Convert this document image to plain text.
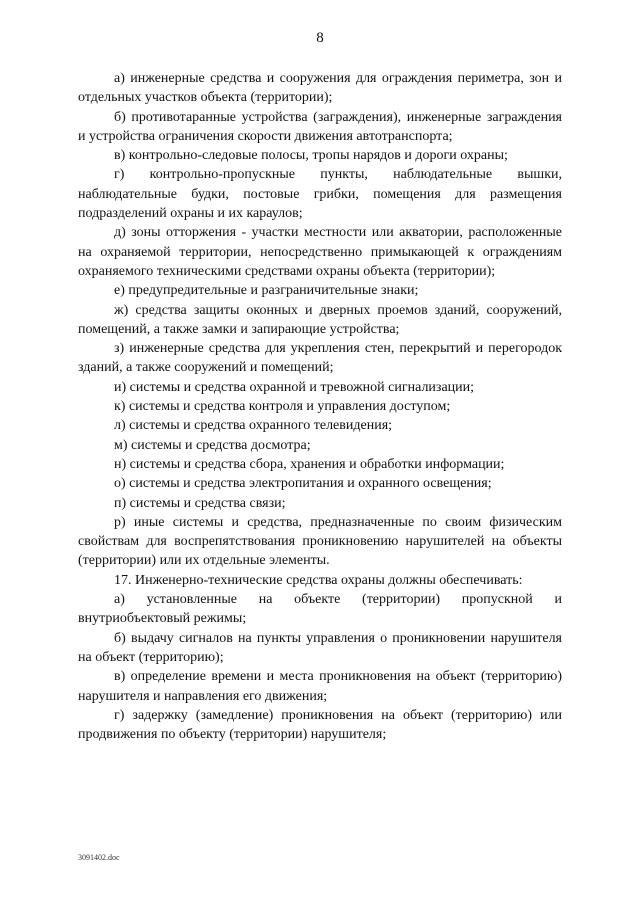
8

а) инженерные средства и сооружения для ограждения периметра, зон и отдельных участков объекта (территории);

б) противотаранные устройства (заграждения), инженерные заграждения и устройства ограничения скорости движения автотранспорта;

в) контрольно-следовые полосы, тропы нарядов и дороги охраны;

г) контрольно-пропускные пункты, наблюдательные вышки, наблюдательные будки, постовые грибки, помещения для размещения подразделений охраны и их караулов;

д) зоны отторжения - участки местности или акватории, расположенные на охраняемой территории, непосредственно примыкающей к ограждениям охраняемого техническими средствами охраны объекта (территории);

е) предупредительные и разграничительные знаки;

ж) средства защиты оконных и дверных проемов зданий, сооружений, помещений, а также замки и запирающие устройства;

з) инженерные средства для укрепления стен, перекрытий и перегородок зданий, а также сооружений и помещений;

и) системы и средства охранной и тревожной сигнализации;

к) системы и средства контроля и управления доступом;

л) системы и средства охранного телевидения;

м) системы и средства досмотра;

н) системы и средства сбора, хранения и обработки информации;

о) системы и средства электропитания и охранного освещения;

п) системы и средства связи;

р) иные системы и средства, предназначенные по своим физическим свойствам для воспрепятствования проникновению нарушителей на объекты (территории) или их отдельные элементы.

17. Инженерно-технические средства охраны должны обеспечивать:

а) установленные на объекте (территории) пропускной и внутриобъектовый режимы;

б) выдачу сигналов на пункты управления о проникновении нарушителя на объект (территорию);

в) определение времени и места проникновения на объект (территорию) нарушителя и направления его движения;

г) задержку (замедление) проникновения на объект (территорию) или продвижения по объекту (территории) нарушителя;

3091402.doc
